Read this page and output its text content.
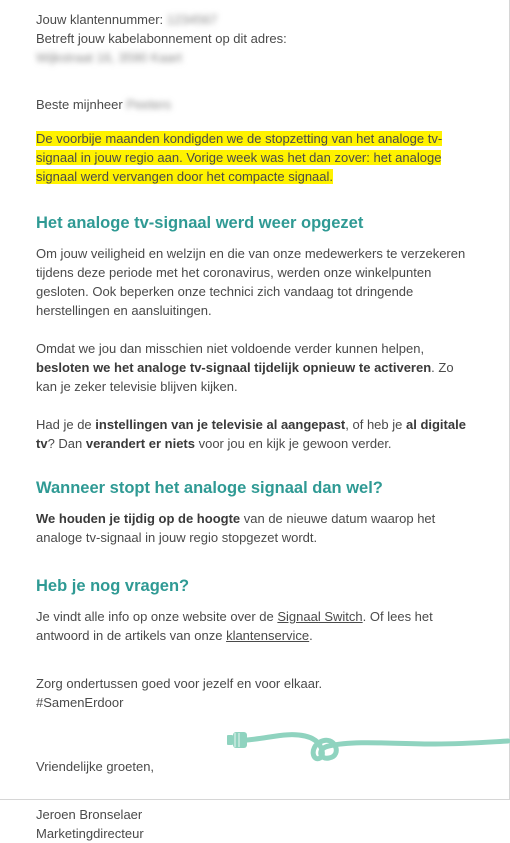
Jouw klantennummer: 1234567

Betreft jouw kabelabonnement op dit adres:

Wijkstraat 16, 3590 Kaart

Beste mijnheer Peeters

De voorbije maanden kondigden we de stopzetting van het analoge tv-
signaal in jouw regio aan. Vorige week was het dan zover: het analoge
signaal werd vervangen door het compacte signaal.
Het analoge tv-signaal werd weer opgezet

Om jouw veiligheid en welzijn en die van onze medewerkers te verzekeren tijdens deze periode met het coronavirus, werden onze winkelpunten gesloten. Ook beperken onze technici zich vandaag tot dringende herstellingen en aansluitingen.

Omdat we jou dan misschien niet voldoende verder kunnen helpen, besloten we het analoge tv-signaal tijdelijk opnieuw te activeren. Zo kan je zeker televisie blijven kijken.

Had je de instellingen van je televisie al aangepast, of heb je al digitale tv? Dan verandert er niets voor jou en kijk je gewoon verder.

Wanneer stopt het analoge signaal dan wel?

We houden je tijdig op de hoogte van de nieuwe datum waarop het analoge tv-signaal in jouw regio stopgezet wordt.

Heb je nog vragen?

Je vindt alle info op onze website over de Signaal Switch. Of lees het antwoord in de artikels van onze klantenservice.

Zorg ondertussen goed voor jezelf en voor elkaar.

#SamenErdoor

Vriendelijke groeten,

Jeroen Bronselaer

Marketingdirecteur
